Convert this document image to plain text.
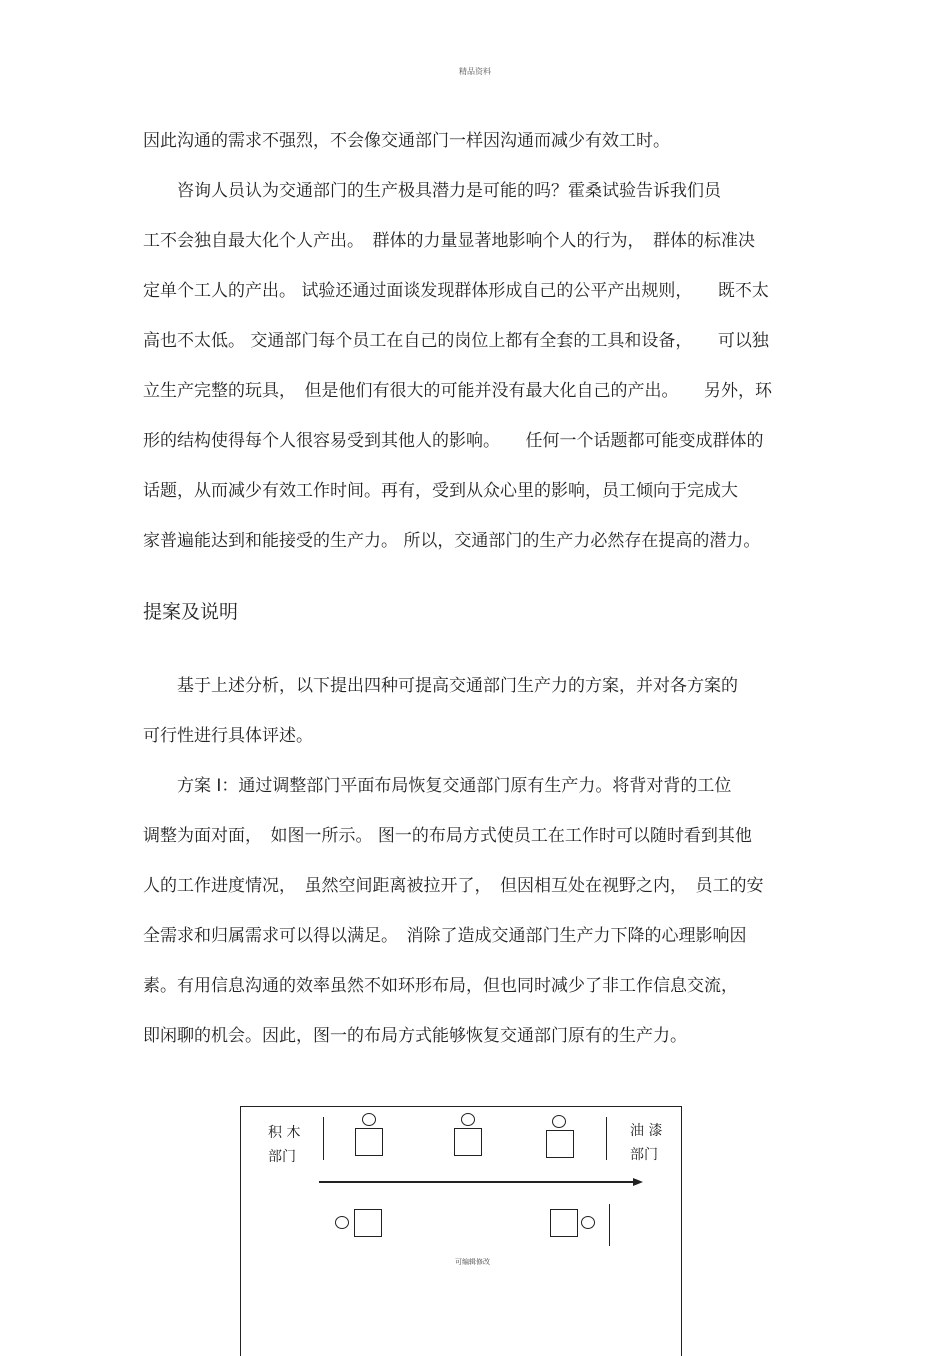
精品资料
因此沟通的需求不强烈，不会像交通部门一样因沟通而减少有效工时。
　　咨询人员认为交通部门的生产极具潜力是可能的吗？霍桑试验告诉我们员
工不会独自最大化个人产出。　群体的力量显著地影响个人的行为，　群体的标准决
定单个工人的产出。 试验还通过面谈发现群体形成自己的公平产出规则，　　既不太
高也不太低。 交通部门每个员工在自己的岗位上都有全套的工具和设备，　　可以独
立生产完整的玩具，　但是他们有很大的可能并没有最大化自己的产出。　　另外，环
形的结构使得每个人很容易受到其他人的影响。　　任何一个话题都可能变成群体的
话题，从而减少有效工作时间。再有，受到从众心里的影响，员工倾向于完成大
家普遍能达到和能接受的生产力。 所以，交通部门的生产力必然存在提高的潜力。
提案及说明
　　基于上述分析，以下提出四种可提高交通部门生产力的方案，并对各方案的
可行性进行具体评述。
　　方案 I：通过调整部门平面布局恢复交通部门原有生产力。将背对背的工位
调整为面对面，　如图一所示。 图一的布局方式使员工在工作时可以随时看到其他
人的工作进度情况，　虽然空间距离被拉开了，　但因相互处在视野之内，　员工的安
全需求和归属需求可以得以满足。　消除了造成交通部门生产力下降的心理影响因
素。有用信息沟通的效率虽然不如环形布局，但也同时减少了非工作信息交流，
即闲聊的机会。因此，图一的布局方式能够恢复交通部门原有的生产力。
积 木
部门
油 漆
部门
可编辑修改
